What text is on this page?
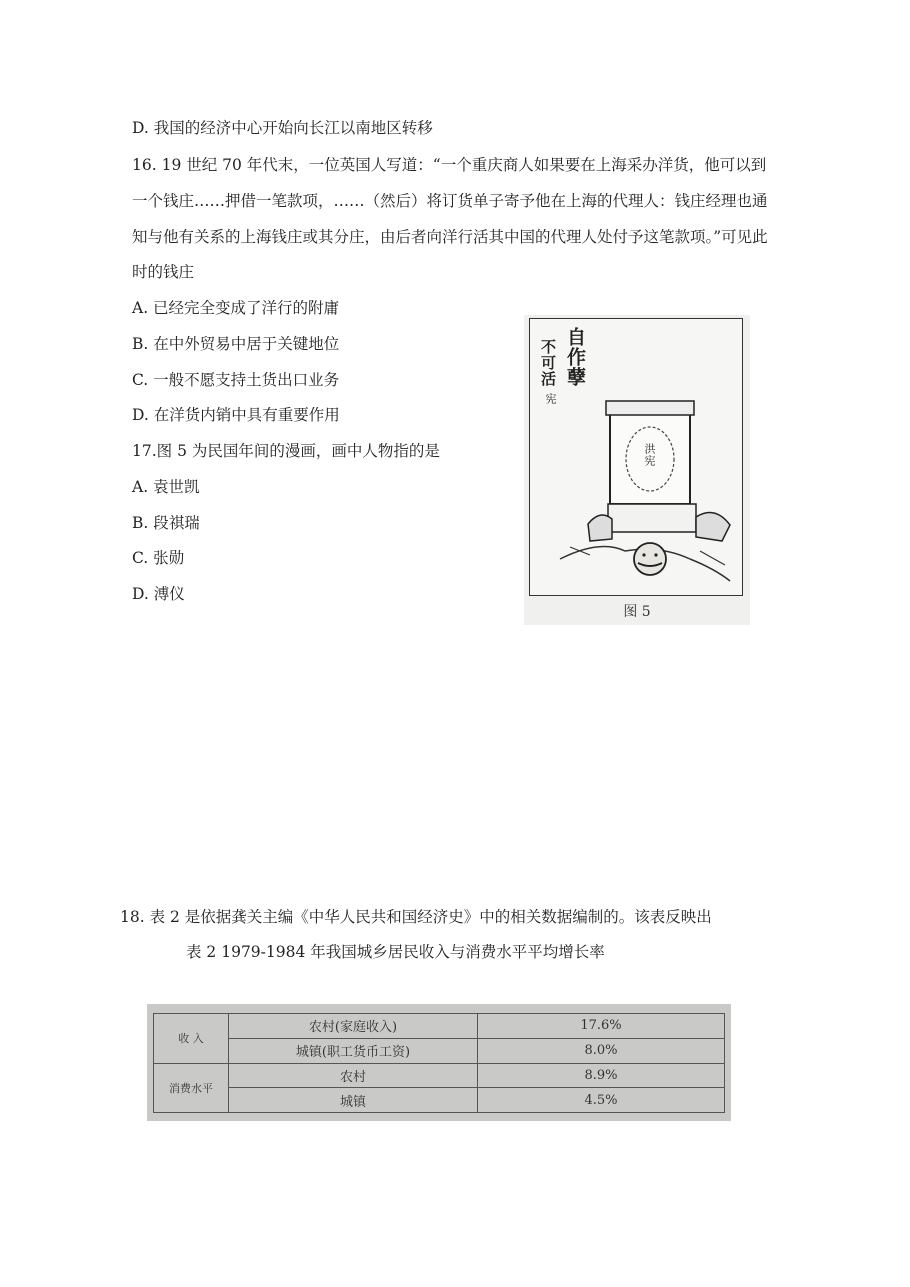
D. 我国的经济中心开始向长江以南地区转移
16. 19 世纪 70 年代末，一位英国人写道：“一个重庆商人如果要在上海采办洋货，他可以到
一个钱庄……押借一笔款项，……（然后）将订货单子寄予他在上海的代理人：钱庄经理也通
知与他有关系的上海钱庄或其分庄，由后者向洋行活其中国的代理人处付予这笔款项。”可见此
时的钱庄
A. 已经完全变成了洋行的附庸
B. 在中外贸易中居于关键地位
C. 一般不愿支持土货出口业务
D. 在洋货内销中具有重要作用
17.图 5 为民国年间的漫画，画中人物指的是
A. 袁世凯
B. 段祺瑞
C. 张勋
D. 溥仪
自作孽
不可活
宪
洪宪
图 5
18. 表 2 是依据龚关主编《中华人民共和国经济史》中的相关数据编制的。该表反映出
表 2 1979-1984 年我国城乡居民收入与消费水平平均增长率
收 入	农村(家庭收入)	17.6%
	城镇(职工货币工资)	8.0%
消费水平	农村	8.9%
	城镇	4.5%
